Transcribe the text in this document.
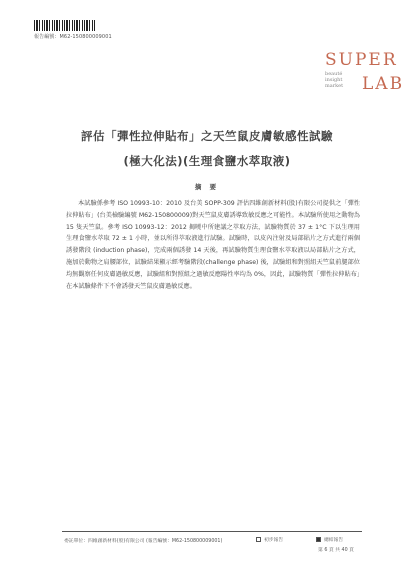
報告編號：M62-150800009001
SUPER
beauté
insight
market	LAB
評估「彈性拉伸貼布」之天竺鼠皮膚敏感性試驗
(極大化法)(生理食鹽水萃取液)
摘 要
本試驗係參考 ISO 10993-10：2010 及台美 SOPP-309 評估四維創新材料(股)有限公司提供之「彈性拉伸貼布」(台美檢驗編號 M62-150800009)對天竺鼠皮膚誘導致敏反應之可能性。本試驗所使用之動物為 15 隻天竺鼠。參考 ISO 10993-12：2012 揭曉中所建議之萃取方法，試驗物質於 37 ± 1°C 下以生理用生理食鹽水萃取 72 ± 1 小時，並以所得萃取液進行試驗。試驗時，以皮內注射及局部貼片之方式進行兩個誘發階段 (induction phase)，完成兩個誘發 14 天後，再試驗物質生理食鹽水萃取液以局部貼片之方式，施加於動物之肩腰部位，試驗結果顯示經考驗階段(challenge phase) 後，試驗組和對照組天竺鼠前腿部位均無觀察任何皮膚過敏反應，試驗組和對照組之過敏反應陽性率均為 0%，因此，試驗物質「彈性拉伸貼布」在本試驗條件下不會誘發天竺鼠皮膚過敏反應。
委託單位：四維創新材料(股)有限公司 (報告編號：M62-150800009001)	初步報告	總結報告
第 6 頁 共 40 頁
